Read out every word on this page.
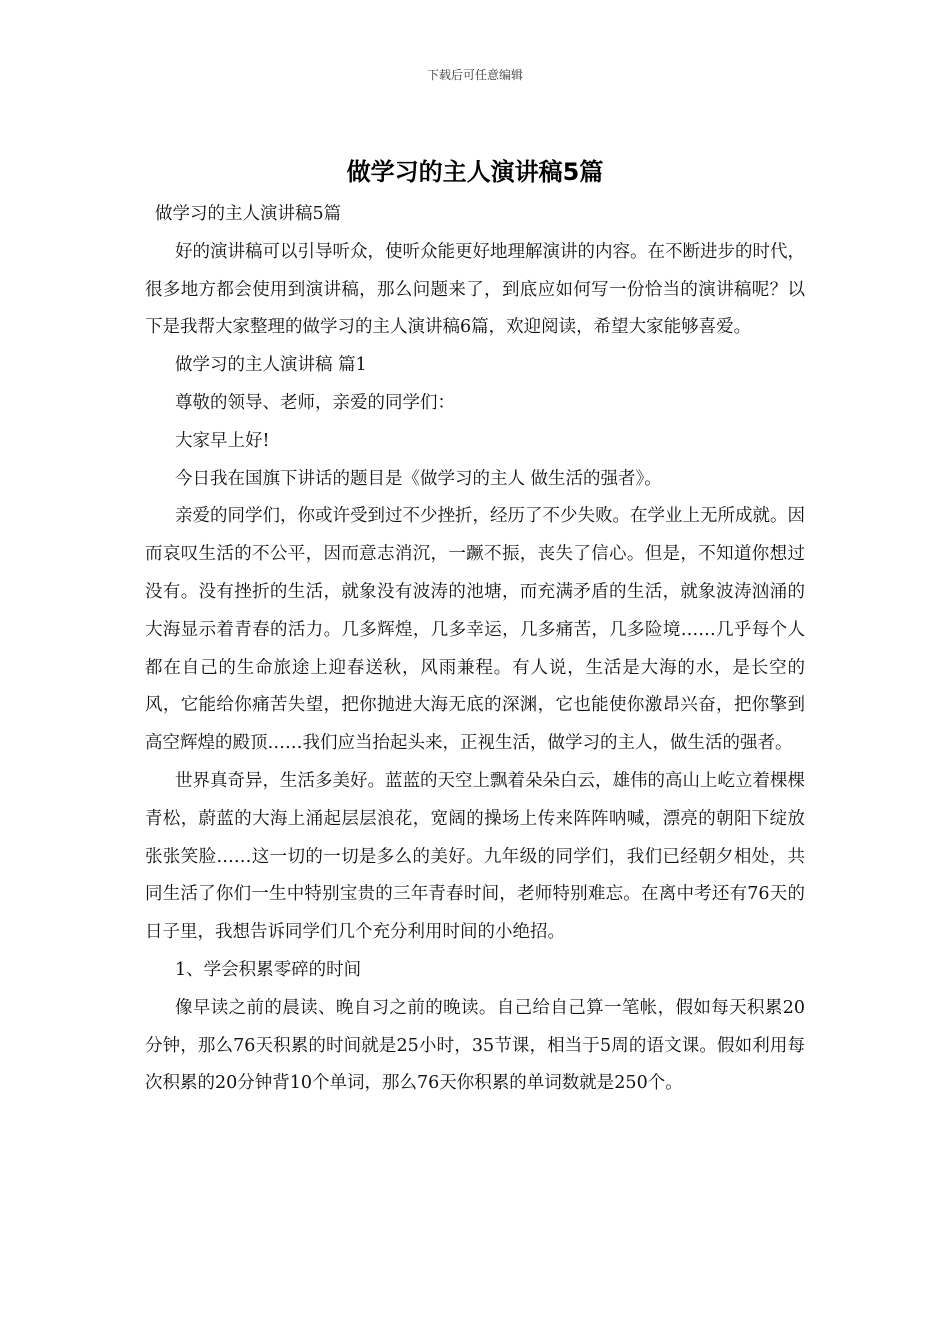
下载后可任意编辑
做学习的主人演讲稿5篇

做学习的主人演讲稿5篇

好的演讲稿可以引导听众，使听众能更好地理解演讲的内容。在不断进步的时代，很多地方都会使用到演讲稿，那么问题来了，到底应如何写一份恰当的演讲稿呢？以下是我帮大家整理的做学习的主人演讲稿6篇，欢迎阅读，希望大家能够喜爱。

做学习的主人演讲稿 篇1

尊敬的领导、老师，亲爱的同学们：

大家早上好!

今日我在国旗下讲话的题目是《做学习的主人 做生活的强者》。

亲爱的同学们，你或许受到过不少挫折，经历了不少失败。在学业上无所成就。因而哀叹生活的不公平，因而意志消沉，一蹶不振，丧失了信心。但是，不知道你想过没有。没有挫折的生活，就象没有波涛的池塘，而充满矛盾的生活，就象波涛汹涌的大海显示着青春的活力。几多辉煌，几多幸运，几多痛苦，几多险境……几乎每个人都在自己的生命旅途上迎春送秋，风雨兼程。有人说，生活是大海的水，是长空的风，它能给你痛苦失望，把你抛进大海无底的深渊，它也能使你激昂兴奋，把你擎到高空辉煌的殿顶……我们应当抬起头来，正视生活，做学习的主人，做生活的强者。

世界真奇异，生活多美好。蓝蓝的天空上飘着朵朵白云，雄伟的高山上屹立着棵棵青松，蔚蓝的大海上涌起层层浪花，宽阔的操场上传来阵阵呐喊，漂亮的朝阳下绽放张张笑脸……这一切的一切是多么的美好。九年级的同学们，我们已经朝夕相处，共同生活了你们一生中特别宝贵的三年青春时间，老师特别难忘。在离中考还有76天的日子里，我想告诉同学们几个充分利用时间的小绝招。

1、学会积累零碎的时间

像早读之前的晨读、晚自习之前的晚读。自己给自己算一笔帐，假如每天积累20分钟，那么76天积累的时间就是25小时，35节课，相当于5周的语文课。假如利用每次积累的20分钟背10个单词，那么76天你积累的单词数就是250个。
